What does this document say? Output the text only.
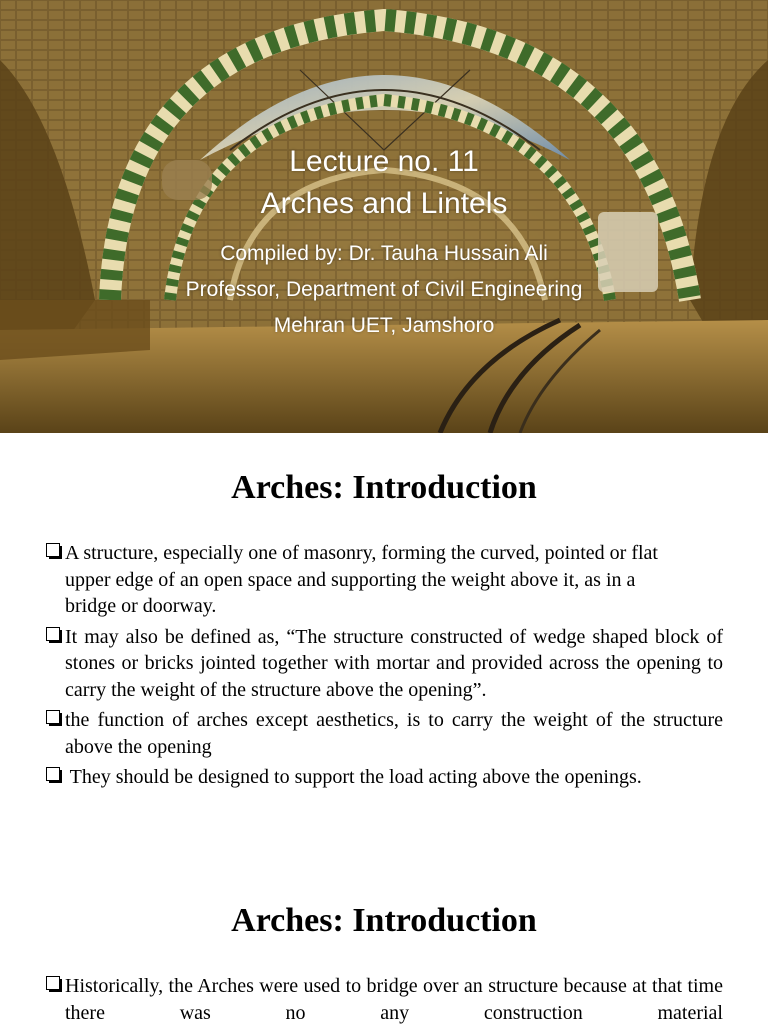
Lecture no. 11
Arches and Lintels
Compiled by: Dr. Tauha Hussain Ali
Professor, Department of Civil Engineering
Mehran UET, Jamshoro
Arches: Introduction
A structure, especially one of masonry, forming the curved, pointed or flat upper edge of an open space and supporting the weight above it, as in a bridge or doorway.
It may also be defined as, “The structure constructed of wedge shaped block of stones or bricks jointed together with mortar and provided across the opening to carry the weight of the structure above the opening”.
the function of arches except aesthetics, is to carry the weight of the structure above the opening
They should be designed to support the load acting above the openings.
Arches: Introduction
Historically, the Arches were used to bridge over an structure because at that time there was no any construction material
